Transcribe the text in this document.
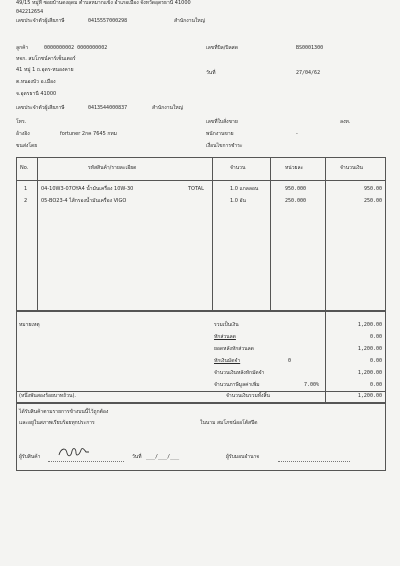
49/15 หมู่ที่ ซอยบ้านดงอุดม ตำบลหมากแข้ง อำเภอเมือง จังหวัดอุดรธานี 41000
042212654
เลขประจำตัวผู้เสียภาษี	0415557000298	สำนักงานใหญ่
ลูกค้า	0000000002 0000000002
หจก. สมโภชน์คาร์เซ็นเตอร์
41 หมู่ 1 ถ.อุดร-หนองคาย
ต.หนองบัว อ.เมือง
จ.อุดรธานี 41000
เลขประจำตัวผู้เสียภาษี	0413544000837	สำนักงานใหญ่
โทร.
อ้างอิง	fortuner 2กค 7645 กทม
ขนส่งโดย
เลขที่บิล/บิลสด	BS0001300
วันที่	27/04/62
เลขที่ใบสั่งขาย	ลงท.
พนักงานขาย	-
เงื่อนไขการชำระ
No.	รหัสสินค้า/รายละเอียด	จำนวน	หน่วยละ	จำนวนเงิน
1	04-10W3-07OYA4 น้ำมันเครื่อง 10W-30	TOTAL	1.0 แกลลอน	950.000	950.00
2	05-BO23-4 ไส้กรองน้ำมันเครื่อง VIGO	1.0 อัน	250.000	250.00
หมายเหตุ	รวมเป็นเงิน	1,200.00
หักส่วนลด	0.00
ยอดหลังหักส่วนลด	1,200.00
หักเงินมัดจำ	0	0.00
จำนวนเงินหลังหักมัดจำ	1,200.00
จำนวนภาษีมูลค่าเพิ่ม	7.00%	0.00
(หนึ่งพันสองร้อยบาทถ้วน).	จำนวนเงินรวมทั้งสิ้น	1,200.00
ได้รับสินค้าตามรายการข้างบนนี้ไว้ถูกต้อง
และอยู่ในสภาพเรียบร้อยทุกประการ	ในนาม สมโภชน์ออโต้สปีด
ผู้รับสินค้า	วันที่ ___/___/___	ผู้รับมอบอำนาจ
